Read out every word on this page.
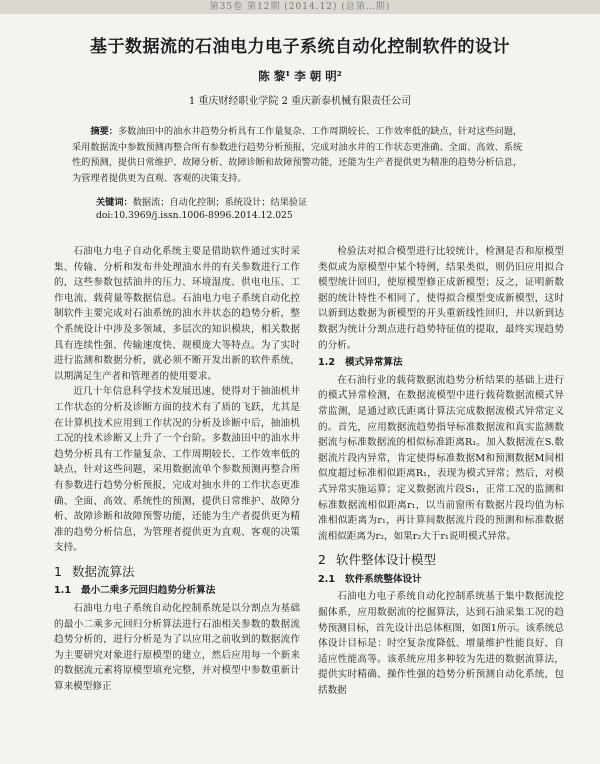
第35卷 第12期 (2014.12) (总第…期)
基于数据流的石油电力电子系统自动化控制软件的设计
陈 黎¹ 李 朝 明²
1 重庆财经职业学院 2 重庆新泰机械有限责任公司
摘要：多数油田中的油水井趋势分析具有工作量复杂、工作周期较长、工作效率低的缺点，针对这些问题，采用数据流中参数预测再整合所有参数进行趋势分析预报，完成对油水井的工作状态更准确、全面、高效、系统性的预测，提供日常维护、故障分析、故障诊断和故障预警功能，还能为生产者提供更为精准的趋势分析信息，为管理者提供更为直观、客观的决策支持。
关键词：数据流；自动化控制；系统设计；结果验证
doi:10.3969/j.issn.1006-8996.2014.12.025

石油电力电子自动化系统主要是借助软件通过实时采集、传输、分析和发布井处理油水井的有关参数进行工作的，这些参数包括油井的压力、环境湿度、供电电压、工作电流、载荷量等数据信息。石油电力电子系统自动化控制软件主要完成对石油系统的油水井状态的趋势分析，整个系统设计中涉及多领域、多层次的知识模块，相关数据具有连续性强、传输速度快、规模庞大等特点。为了实时进行监测和数据分析，就必须不断开发出新的软件系统，以期满足生产者和管理者的使用要求。

近几十年信息科学技术发展迅速，使得对于抽油机井工作状态的分析及诊断方面的技术有了质的飞跃，尤其是在计算机技术应用到工作状况的分析及诊断中后，抽油机工况的技术诊断又上升了一个台阶。多数油田中的油水井趋势分析具有工作量复杂、工作周期较长、工作效率低的缺点，针对这些问题，采用数据流单个参数预测再整合所有参数进行趋势分析预报，完成对抽水井的工作状态更准确、全面、高效、系统性的预测，提供日常维护、故障分析、故障诊断和故障预警功能，还能为生产者提供更为精准的趋势分析信息，为管理者提供更为直观、客观的决策支持。

1 数据流算法
1.1 最小二乘多元回归趋势分析算法

石油电力电子系统自动化控制系统是以分割点为基础的最小二乘多元回归分析算法进行石油相关参数的数据流趋势分析的，进行分析是为了以应用之前收到的数据流作为主要研究对象进行原模型的建立，然后应用每一个新来的数据流元素将原模型填充完整，并对模型中参数重新计算来模型修正

检验法对拟合模型进行比较统计，检测是否和原模型类似或为原模型中某个特例，结果类似，则仍旧应用拟合模型统计回归，使原模型修正成新模型；反之，证明新数据的统计特性不相同了，使得拟合模型变成新模型，这时以新到达数据为新模型的开头重新线性回归，并以新到达数据为统计分割点进行趋势特征值的提取，最终实现趋势的分析。

1.2 模式异常算法

在石油行业的载荷数据流趋势分析结果的基础上进行的模式异常检测，在数据流模型中进行载荷数据流模式异常监测，是通过欧氏距离计算法完成数据流模式异常定义的。首先，应用数据流趋势指导标准数据流和真实监测数据流与标准数据流的相似标准距离R₁。加入数据流在S.数据流片段内异常，肯定使得标准数据M和预测数据M间相似度超过标准相似距离R₁，表现为模式异常；然后，对模式异常实施运算；定义数据流片段S₁，正常工况的监测和标准数据流相似距离r₁，以当前窗所有数据片段均值为标准相似距离为r₁，再计算间数据流片段的预测和标准数据流相似距离为r₂，如果r₂大于r₁说明模式异常。

2 软件整体设计模型
2.1 软件系统整体设计

石油电力电子系统自动化控制系统基于集中数据流挖掘体系，应用数据流的挖掘算法，达到石油采集工况的趋势预测目标，首先设计出总体框图，如图1所示。该系统总体设计目标是：时空复杂度降低、增量维护性能良好、自适应性能高等。该系统应用多种较为先进的数据流算法，提供实时精确、操作性强的趋势分析预测自动化系统，包括数据
